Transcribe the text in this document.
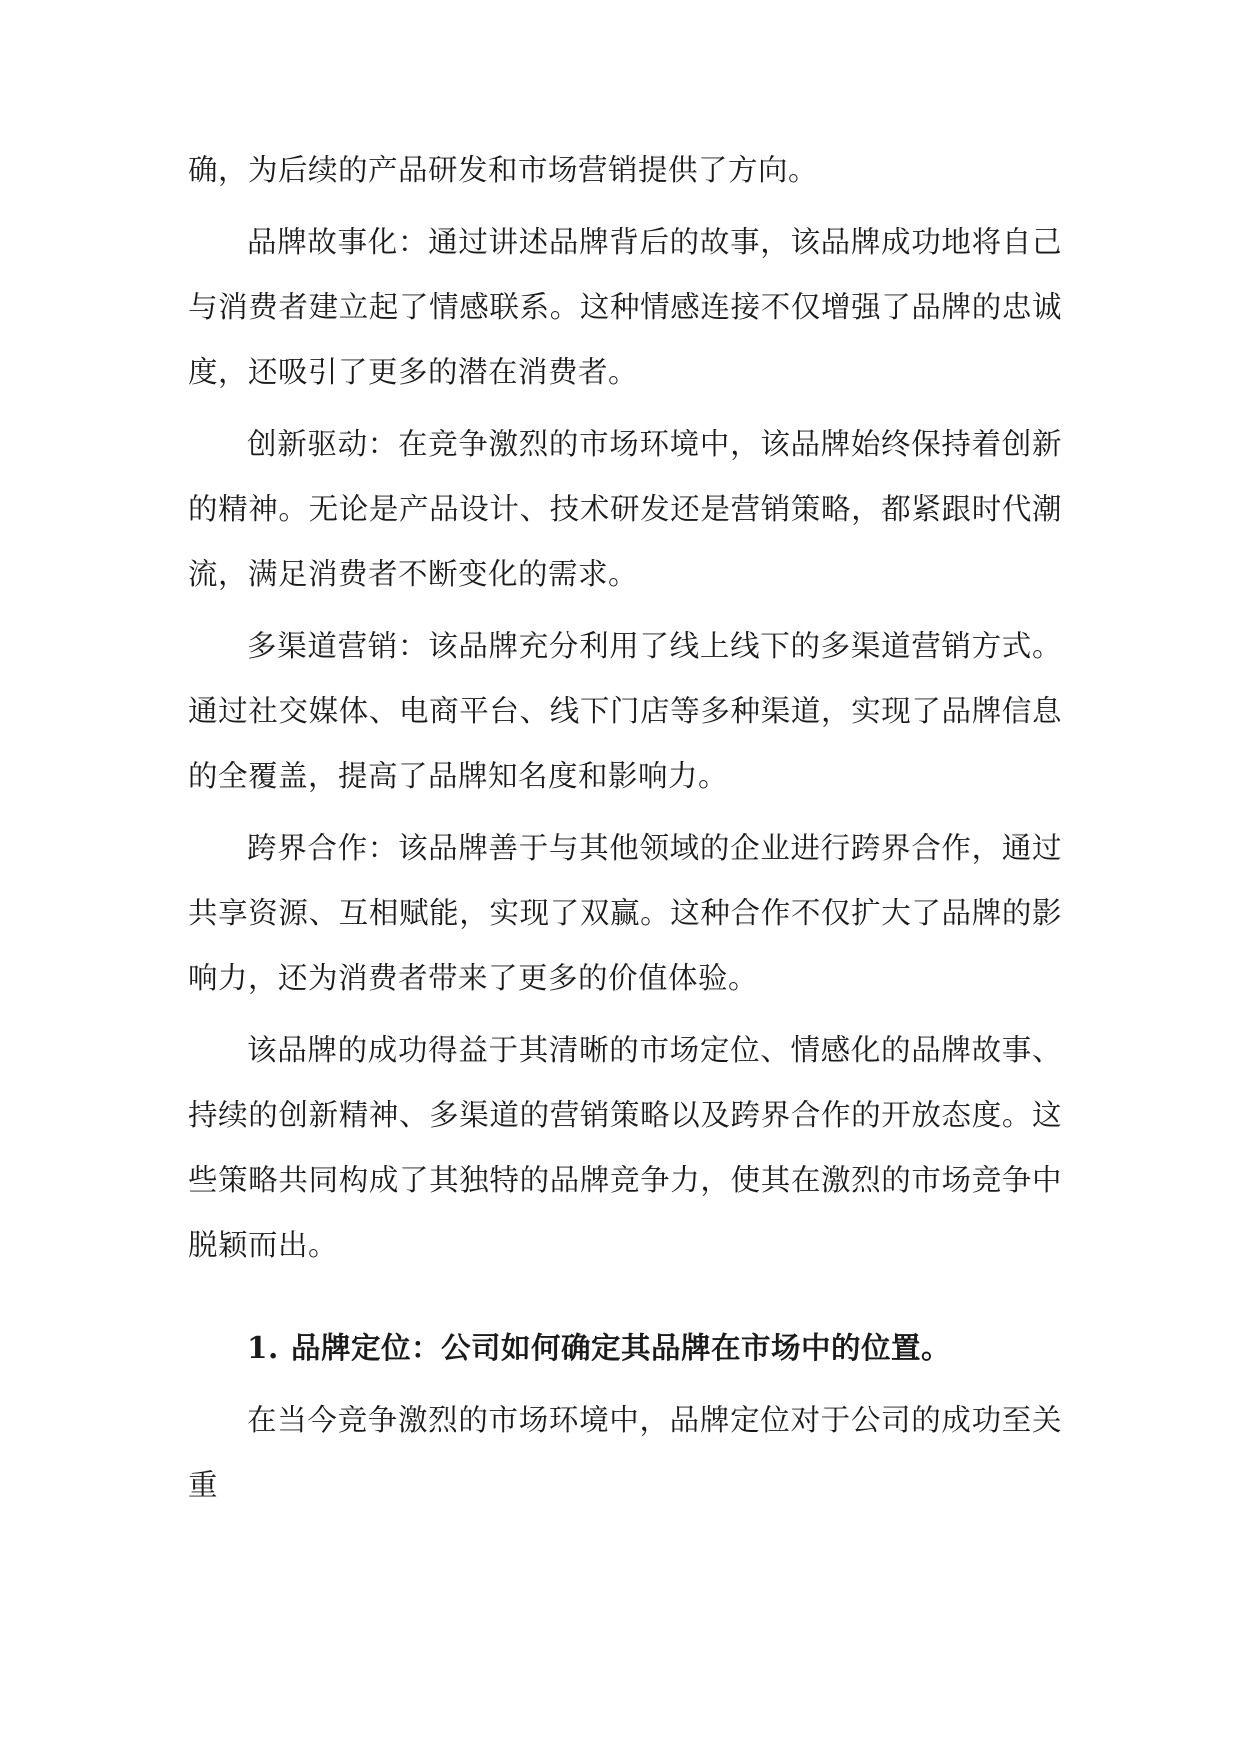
确，为后续的产品研发和市场营销提供了方向。

品牌故事化：通过讲述品牌背后的故事，该品牌成功地将自己与消费者建立起了情感联系。这种情感连接不仅增强了品牌的忠诚度，还吸引了更多的潜在消费者。

创新驱动：在竞争激烈的市场环境中，该品牌始终保持着创新的精神。无论是产品设计、技术研发还是营销策略，都紧跟时代潮流，满足消费者不断变化的需求。

多渠道营销：该品牌充分利用了线上线下的多渠道营销方式。通过社交媒体、电商平台、线下门店等多种渠道，实现了品牌信息的全覆盖，提高了品牌知名度和影响力。

跨界合作：该品牌善于与其他领域的企业进行跨界合作，通过共享资源、互相赋能，实现了双赢。这种合作不仅扩大了品牌的影响力，还为消费者带来了更多的价值体验。

该品牌的成功得益于其清晰的市场定位、情感化的品牌故事、持续的创新精神、多渠道的营销策略以及跨界合作的开放态度。这些策略共同构成了其独特的品牌竞争力，使其在激烈的市场竞争中脱颖而出。

1. 品牌定位：公司如何确定其品牌在市场中的位置。

在当今竞争激烈的市场环境中，品牌定位对于公司的成功至关重
